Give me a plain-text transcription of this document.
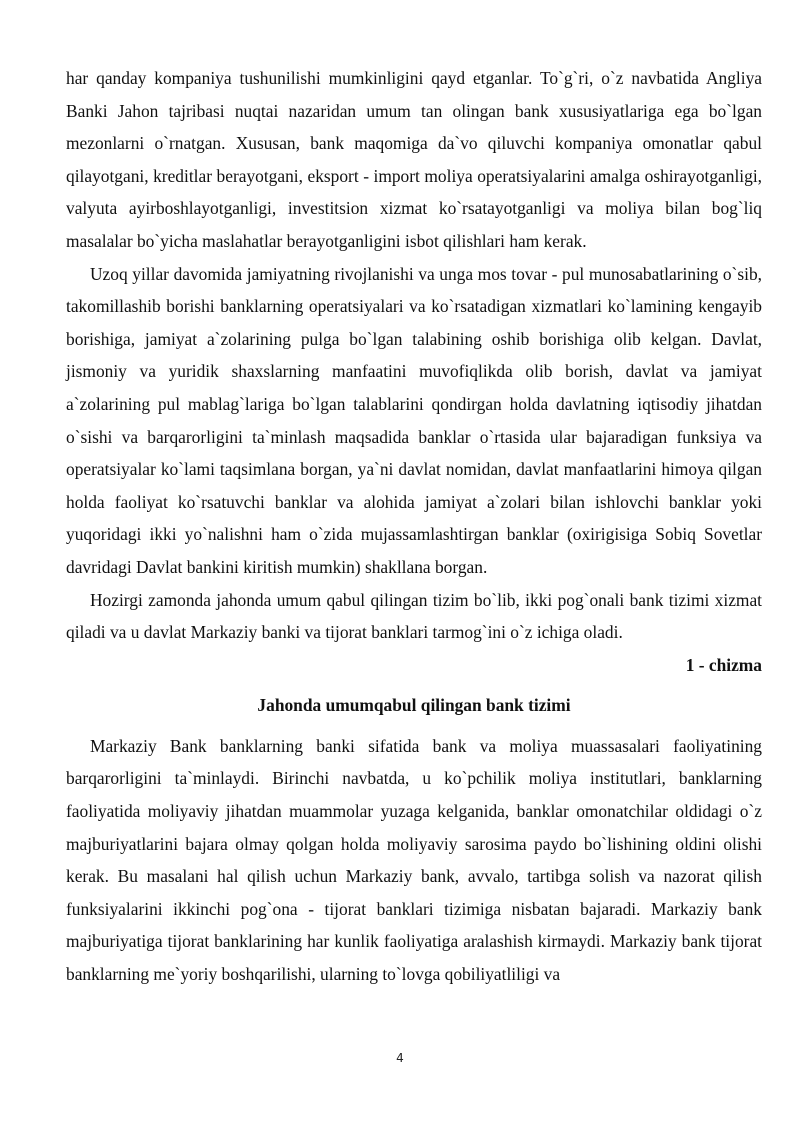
har qanday kompaniya tushunilishi mumkinligini qayd etganlar. To`g`ri, o`z navbatida Angliya Banki Jahon tajribasi nuqtai nazaridan umum tan olingan bank xususiyatlariga ega bo`lgan mezonlarni o`rnatgan. Xususan, bank maqomiga da`vo qiluvchi kompaniya omonatlar qabul qilayotgani, kreditlar berayotgani, eksport - import moliya operatsiyalarini amalga oshirayotganligi, valyuta ayirboshlayotganligi, investitsion xizmat ko`rsatayotganligi va moliya bilan bog`liq masalalar bo`yicha maslahatlar berayotganligini isbot qilishlari ham kerak.

Uzoq yillar davomida jamiyatning rivojlanishi va unga mos tovar - pul munosabatlarining o`sib, takomillashib borishi banklarning operatsiyalari va ko`rsatadigan xizmatlari ko`lamining kengayib borishiga, jamiyat a`zolarining pulga bo`lgan talabining oshib borishiga olib kelgan. Davlat, jismoniy va yuridik shaxslarning manfaatini muvofiqlikda olib borish, davlat va jamiyat a`zolarining pul mablag`lariga bo`lgan talablarini qondirgan holda davlatning iqtisodiy jihatdan o`sishi va barqarorligini ta`minlash maqsadida banklar o`rtasida ular bajaradigan funksiya va operatsiyalar ko`lami taqsimlana borgan, ya`ni davlat nomidan, davlat manfaatlarini himoya qilgan holda faoliyat ko`rsatuvchi banklar va alohida jamiyat a`zolari bilan ishlovchi banklar yoki yuqoridagi ikki yo`nalishni ham o`zida mujassamlashtirgan banklar (oxirigisiga Sobiq Sovetlar davridagi Davlat bankini kiritish mumkin) shakllana borgan.

Hozirgi zamonda jahonda umum qabul qilingan tizim bo`lib, ikki pog`onali bank tizimi xizmat qiladi va u davlat Markaziy banki va tijorat banklari tarmog`ini o`z ichiga oladi.

1 - chizma

Jahonda umumqabul qilingan bank tizimi

Markaziy Bank banklarning banki sifatida bank va moliya muassasalari faoliyatining barqarorligini ta`minlaydi. Birinchi navbatda, u ko`pchilik moliya institutlari, banklarning faoliyatida moliyaviy jihatdan muammolar yuzaga kelganida, banklar omonatchilar oldidagi o`z majburiyatlarini bajara olmay qolgan holda moliyaviy sarosima paydo bo`lishining oldini olishi kerak. Bu masalani hal qilish uchun Markaziy bank, avvalo, tartibga solish va nazorat qilish funksiyalarini ikkinchi pog`ona - tijorat banklari tizimiga nisbatan bajaradi. Markaziy bank majburiyatiga tijorat banklarining har kunlik faoliyatiga aralashish kirmaydi. Markaziy bank tijorat banklarning me`yoriy boshqarilishi, ularning to`lovga qobiliyatliligi va

4
